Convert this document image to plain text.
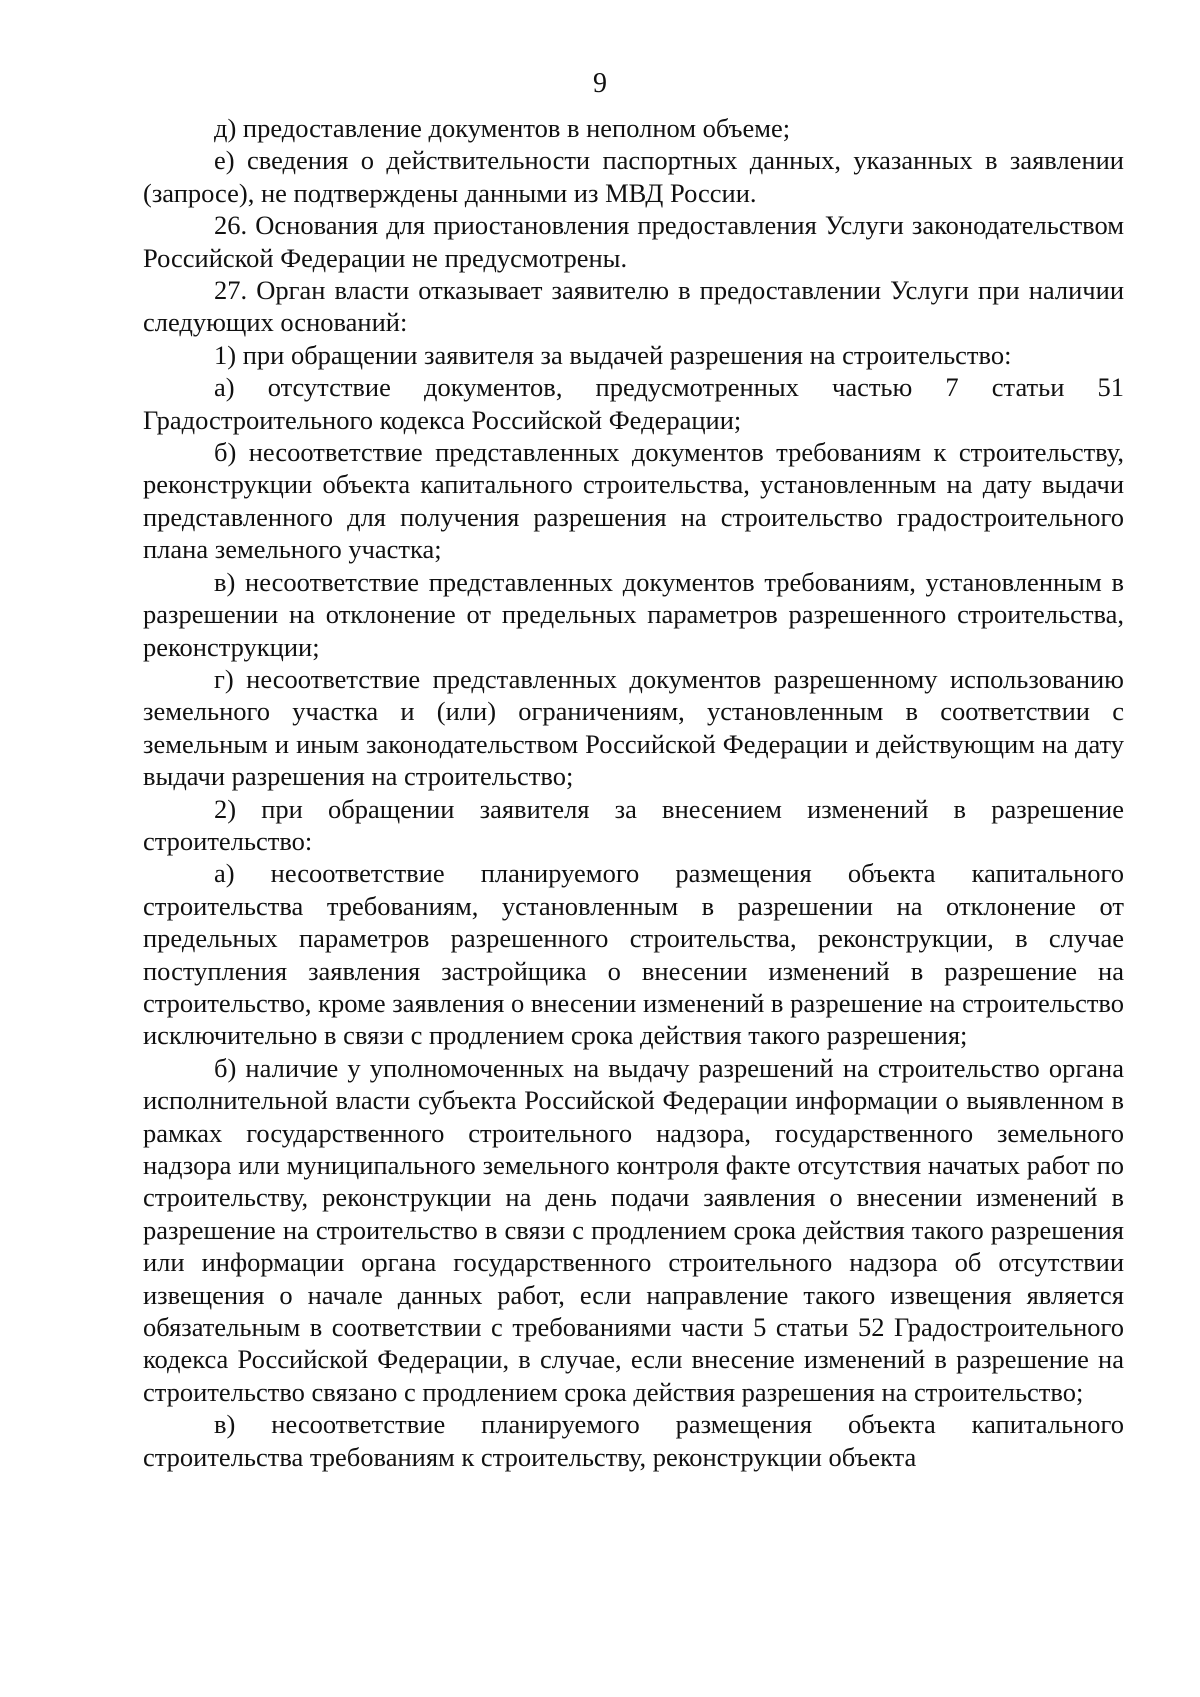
9

д) предоставление документов в неполном объеме;

е) сведения о действительности паспортных данных, указанных в заявлении (запросе), не подтверждены данными из МВД России.

26. Основания для приостановления предоставления Услуги законодательством Российской Федерации не предусмотрены.

27. Орган власти отказывает заявителю в предоставлении Услуги при наличии следующих оснований:

1) при обращении заявителя за выдачей разрешения на строительство:

а) отсутствие документов, предусмотренных частью 7 статьи 51 Градостроительного кодекса Российской Федерации;

б) несоответствие представленных документов требованиям к строительству, реконструкции объекта капитального строительства, установленным на дату выдачи представленного для получения разрешения на строительство градостроительного плана земельного участка;

в) несоответствие представленных документов требованиям, установленным в разрешении на отклонение от предельных параметров разрешенного строительства, реконструкции;

г) несоответствие представленных документов разрешенному использованию земельного участка и (или) ограничениям, установленным в соответствии с земельным и иным законодательством Российской Федерации и действующим на дату выдачи разрешения на строительство;

2) при обращении заявителя за внесением изменений в разрешение строительство:

а) несоответствие планируемого размещения объекта капитального строительства требованиям, установленным в разрешении на отклонение от предельных параметров разрешенного строительства, реконструкции, в случае поступления заявления застройщика о внесении изменений в разрешение на строительство, кроме заявления о внесении изменений в разрешение на строительство исключительно в связи с продлением срока действия такого разрешения;

б) наличие у уполномоченных на выдачу разрешений на строительство органа исполнительной власти субъекта Российской Федерации информации о выявленном в рамках государственного строительного надзора, государственного земельного надзора или муниципального земельного контроля факте отсутствия начатых работ по строительству, реконструкции на день подачи заявления о внесении изменений в разрешение на строительство в связи с продлением срока действия такого разрешения или информации органа государственного строительного надзора об отсутствии извещения о начале данных работ, если направление такого извещения является обязательным в соответствии с требованиями части 5 статьи 52 Градостроительного кодекса Российской Федерации, в случае, если внесение изменений в разрешение на строительство связано с продлением срока действия разрешения на строительство;

в) несоответствие планируемого размещения объекта капитального строительства требованиям к строительству, реконструкции объекта
